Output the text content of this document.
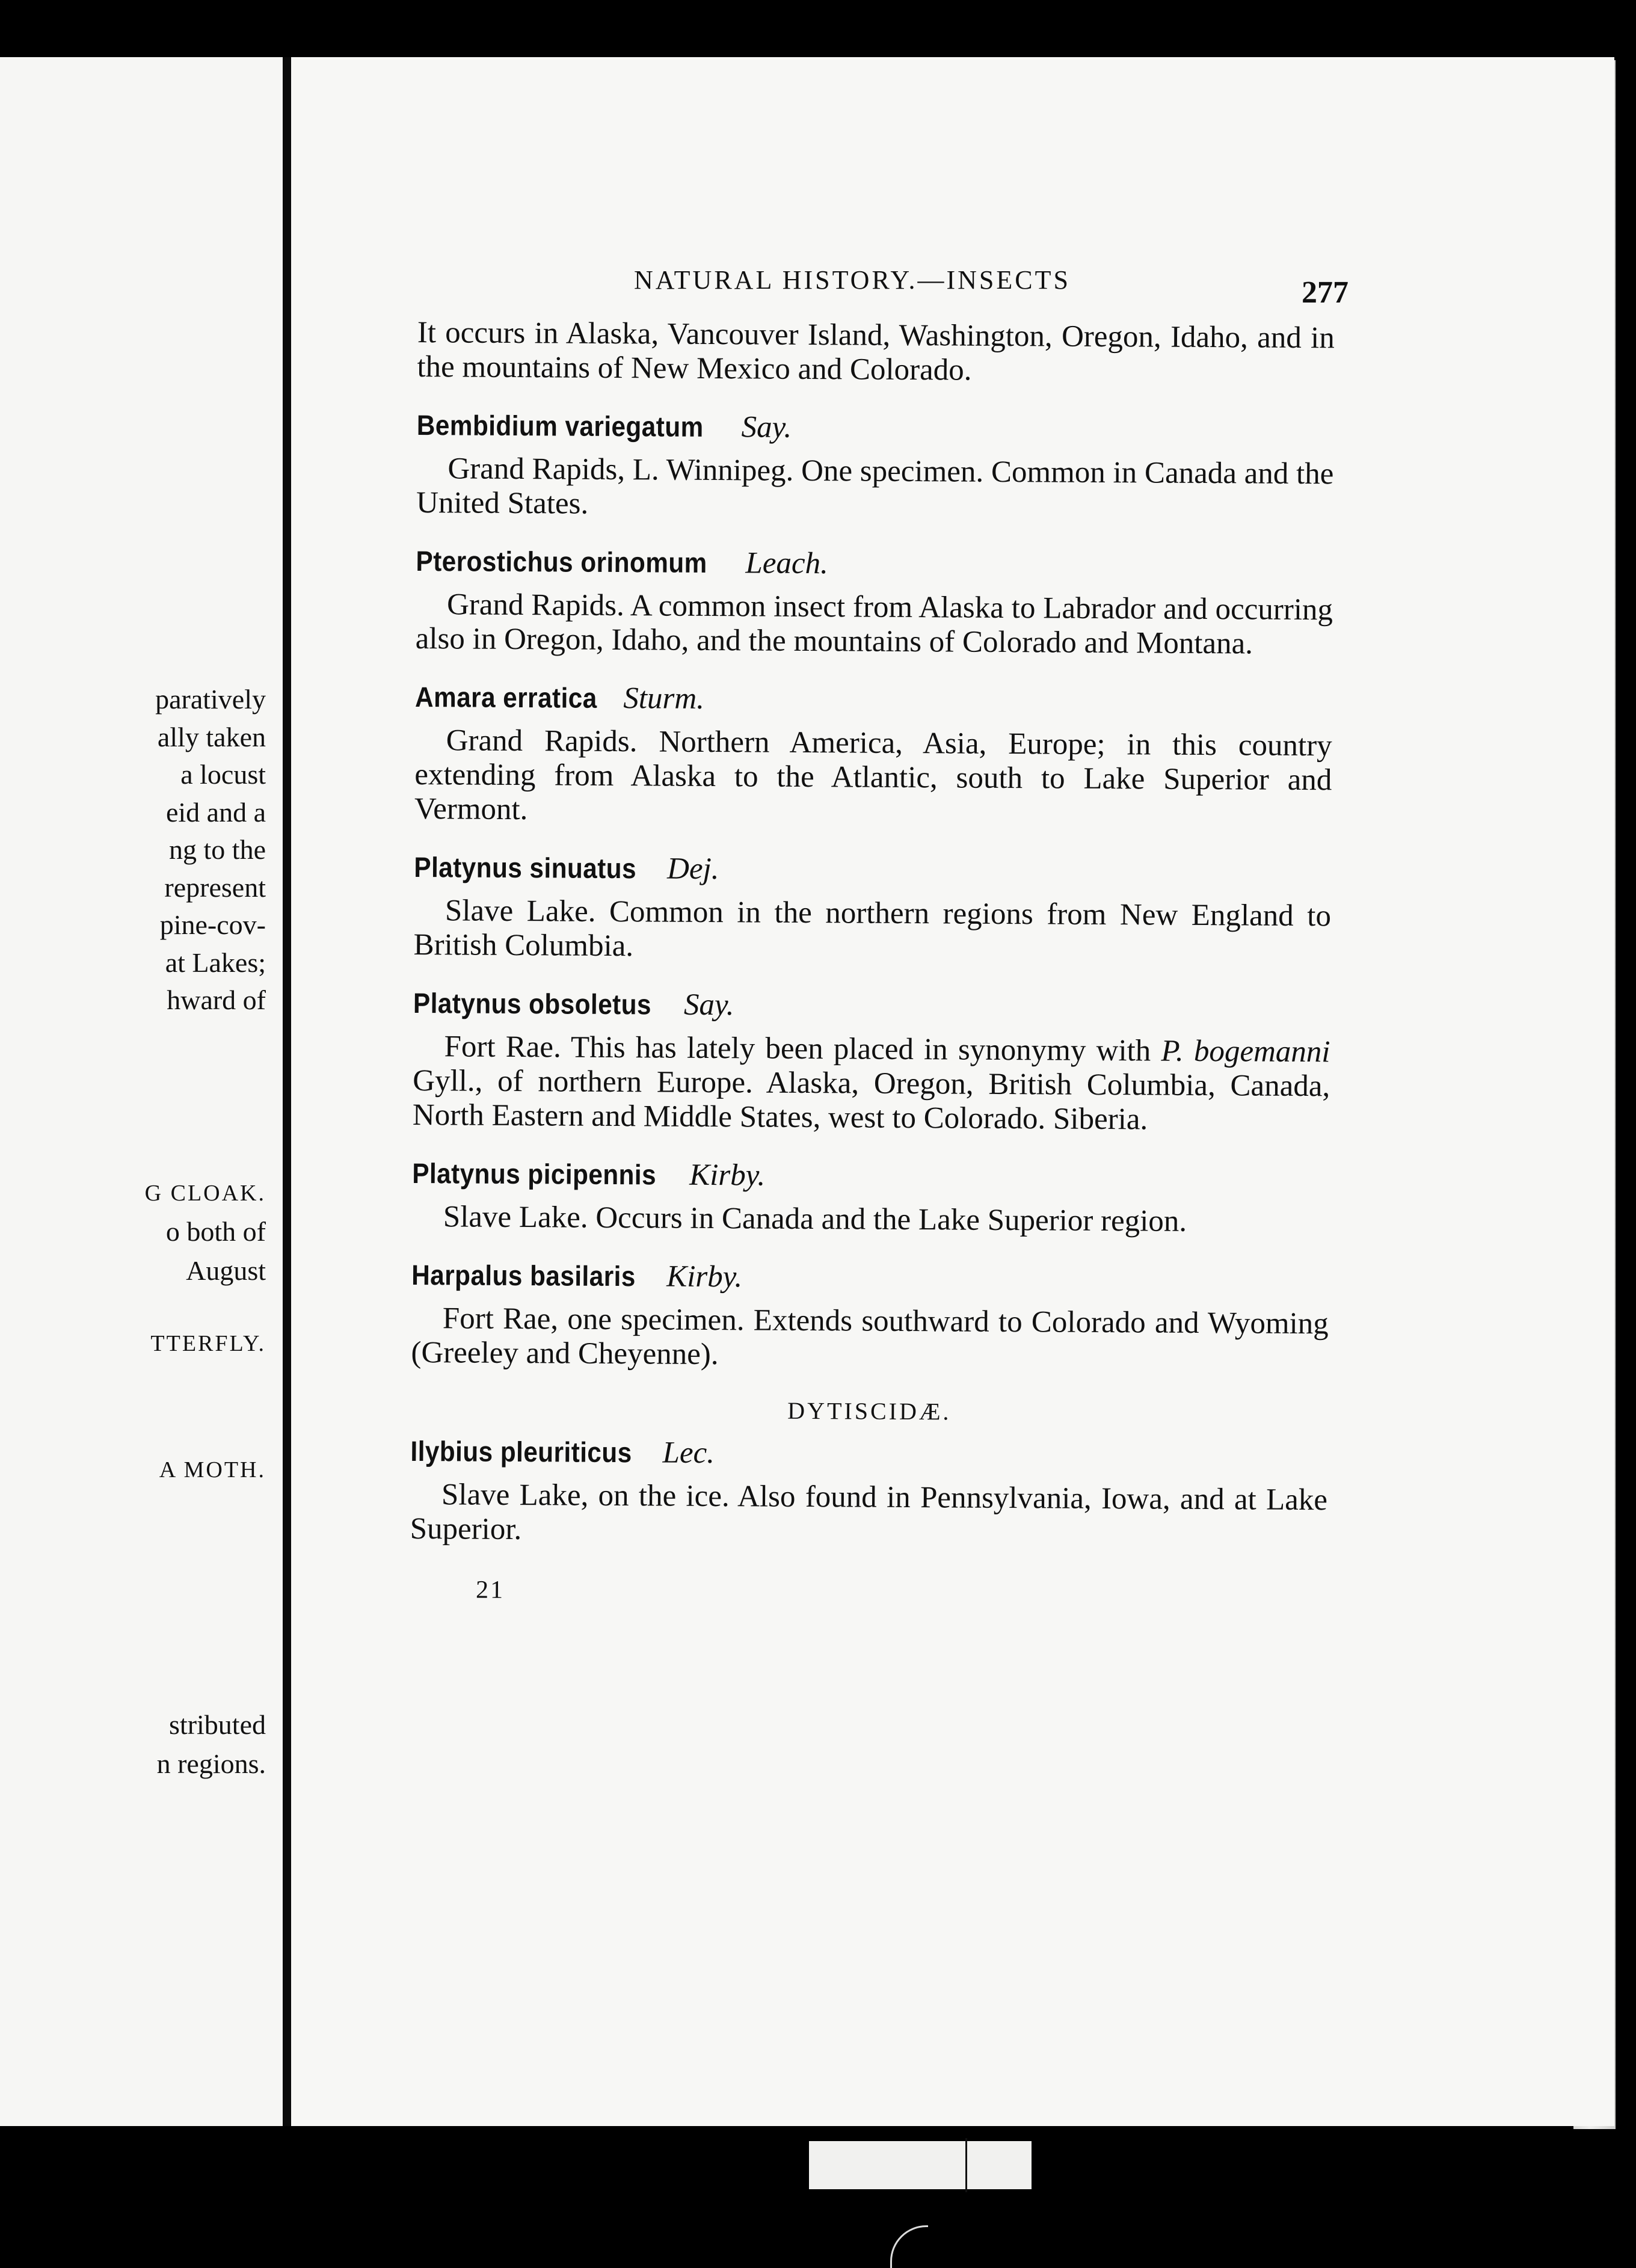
paratively
ally taken
a locust
eid and a
ng to the
represent
pine-cov-
at Lakes;
hward of
G CLOAK.
o both of
August
TTERFLY.
A MOTH.
stributed
n regions.
NATURAL HISTORY.—INSECTS	277

It occurs in Alaska, Vancouver Island, Washington, Oregon, Idaho, and in the mountains of New Mexico and Colorado.

Bembidium variegatum Say.

Grand Rapids, L. Winnipeg. One specimen. Common in Canada and the United States.

Pterostichus orinomum Leach.

Grand Rapids. A common insect from Alaska to Labrador and occurring also in Oregon, Idaho, and the mountains of Colorado and Montana.

Amara erratica Sturm.

Grand Rapids. Northern America, Asia, Europe; in this country extending from Alaska to the Atlantic, south to Lake Superior and Vermont.

Platynus sinuatus Dej.

Slave Lake. Common in the northern regions from New England to British Columbia.

Platynus obsoletus Say.

Fort Rae. This has lately been placed in synonymy with P. bogemanni Gyll., of northern Europe. Alaska, Oregon, British Columbia, Canada, North Eastern and Middle States, west to Colorado. Siberia.

Platynus picipennis Kirby.

Slave Lake. Occurs in Canada and the Lake Superior region.

Harpalus basilaris Kirby.

Fort Rae, one specimen. Extends southward to Colorado and Wyoming (Greeley and Cheyenne).

DYTISCIDÆ.
Ilybius pleuriticus Lec.

Slave Lake, on the ice. Also found in Pennsylvania, Iowa, and at Lake Superior.

21
